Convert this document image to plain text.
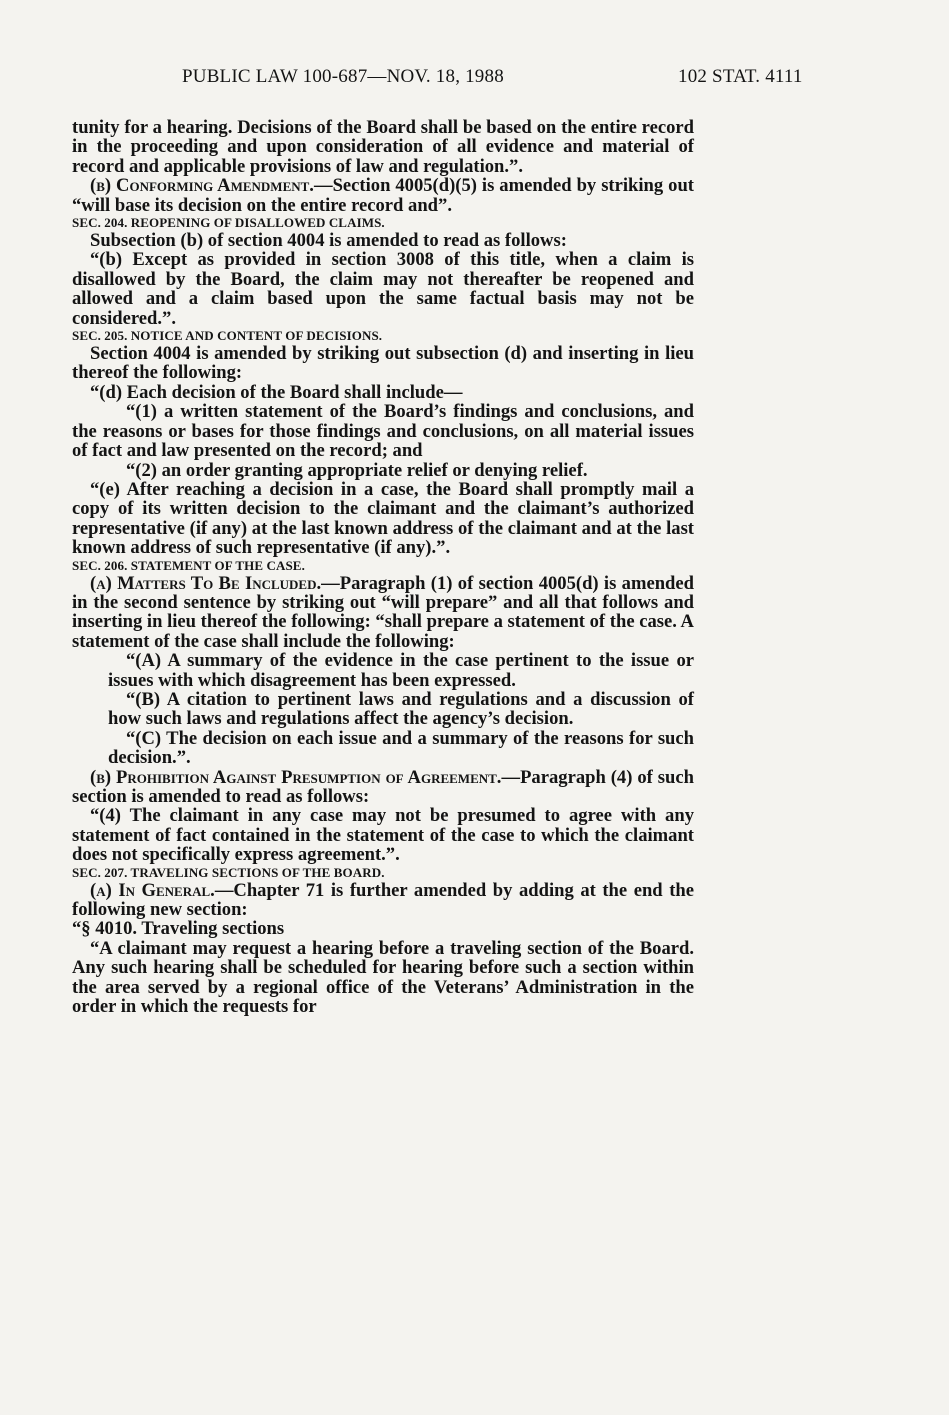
PUBLIC LAW 100-687—NOV. 18, 1988	102 STAT. 4111

tunity for a hearing. Decisions of the Board shall be based on the entire record in the proceeding and upon consideration of all evidence and material of record and applicable provisions of law and regulation.”.

(b) Conforming Amendment.—Section 4005(d)(5) is amended by striking out “will base its decision on the entire record and”.

SEC. 204. REOPENING OF DISALLOWED CLAIMS.

Subsection (b) of section 4004 is amended to read as follows:

“(b) Except as provided in section 3008 of this title, when a claim is disallowed by the Board, the claim may not thereafter be reopened and allowed and a claim based upon the same factual basis may not be considered.”.

SEC. 205. NOTICE AND CONTENT OF DECISIONS.

Section 4004 is amended by striking out subsection (d) and inserting in lieu thereof the following:

“(d) Each decision of the Board shall include—

“(1) a written statement of the Board’s findings and conclusions, and the reasons or bases for those findings and conclusions, on all material issues of fact and law presented on the record; and

“(2) an order granting appropriate relief or denying relief.

“(e) After reaching a decision in a case, the Board shall promptly mail a copy of its written decision to the claimant and the claimant’s authorized representative (if any) at the last known address of the claimant and at the last known address of such representative (if any).”.

SEC. 206. STATEMENT OF THE CASE.

(a) Matters To Be Included.—Paragraph (1) of section 4005(d) is amended in the second sentence by striking out “will prepare” and all that follows and inserting in lieu thereof the following: “shall prepare a statement of the case. A statement of the case shall include the following:

“(A) A summary of the evidence in the case pertinent to the issue or issues with which disagreement has been expressed.

“(B) A citation to pertinent laws and regulations and a discussion of how such laws and regulations affect the agency’s decision.

“(C) The decision on each issue and a summary of the reasons for such decision.”.

(b) Prohibition Against Presumption of Agreement.—Paragraph (4) of such section is amended to read as follows:

“(4) The claimant in any case may not be presumed to agree with any statement of fact contained in the statement of the case to which the claimant does not specifically express agreement.”.

SEC. 207. TRAVELING SECTIONS OF THE BOARD.

(a) In General.—Chapter 71 is further amended by adding at the end the following new section:

“§ 4010. Traveling sections

“A claimant may request a hearing before a traveling section of the Board. Any such hearing shall be scheduled for hearing before such a section within the area served by a regional office of the Veterans’ Administration in the order in which the requests for
